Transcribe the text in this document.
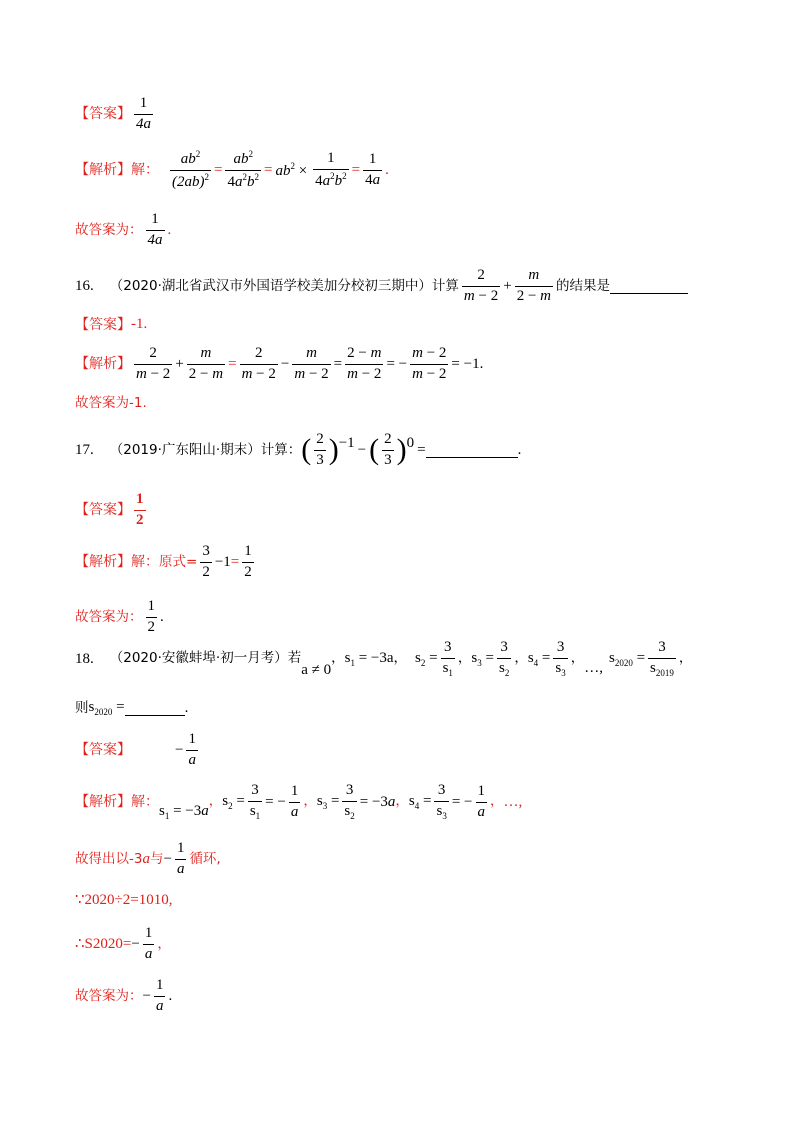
【答案】 $\frac{1}{4a}$
【解析】 解： $\frac{ab^2}{(2ab)^2} = \frac{ab^2}{4a^2b^2} = ab^2 \times \frac{1}{4a^2b^2} = \frac{1}{4a}$ .
故答案为： $\frac{1}{4a}$ .
16. （2020·湖北省武汉市外国语学校美加分校初三期中）计算 $\frac{2}{m - 2} + \frac{m}{2 - m}$ 的结果是
【答案】 -1.
【解析】 $\frac{2}{m - 2} + \frac{m}{2 - m} = \frac{2}{m - 2} - \frac{m}{m - 2} = \frac{2 - m}{m - 2}$ = − $\frac{m - 2}{m - 2} = -1$.
故答案为-1.
17. （2019·广东阳山·期末）计算： ( $\frac{2}{3}$ ) −1 − ( $\frac{2}{3}$ ) 0 =	.
【答案】 $\frac{1}{2}$
【解析】 解： 原式= $\frac{3}{2} -1 = \frac{1}{2}$
故答案为： $\frac{1}{2}$ .
18. （2020·安徽蚌埠·初一月考）若
a ≠ 0
， $s_1 = -3a$ ， $s_2 = \frac{3}{s_1}$ ， $s_3 = \frac{3}{s_2}$ ， $s_4 = \frac{3}{s_3}$ ，
…,
$s_{2020} = \frac{3}{s_{2019}}$ ，
则 $s_{2020}$ =	.
【答案】	− $\frac{1}{a}$
【解析】 解：
$s_1 = -3a$
， $s_2 = \frac{3}{s_1}$ = − $\frac{1}{a}$ ， $s_3 = \frac{3}{s_2} = -3a$ ， $s_4 = \frac{3}{s_3}$ = − $\frac{1}{a}$ ， …,
故得出以-3 a 与 − $\frac{1}{a}$ 循环,
∵2020÷2=1010,
∴S 2020 = − $\frac{1}{a}$ ，
故答案为： − $\frac{1}{a}$ .
